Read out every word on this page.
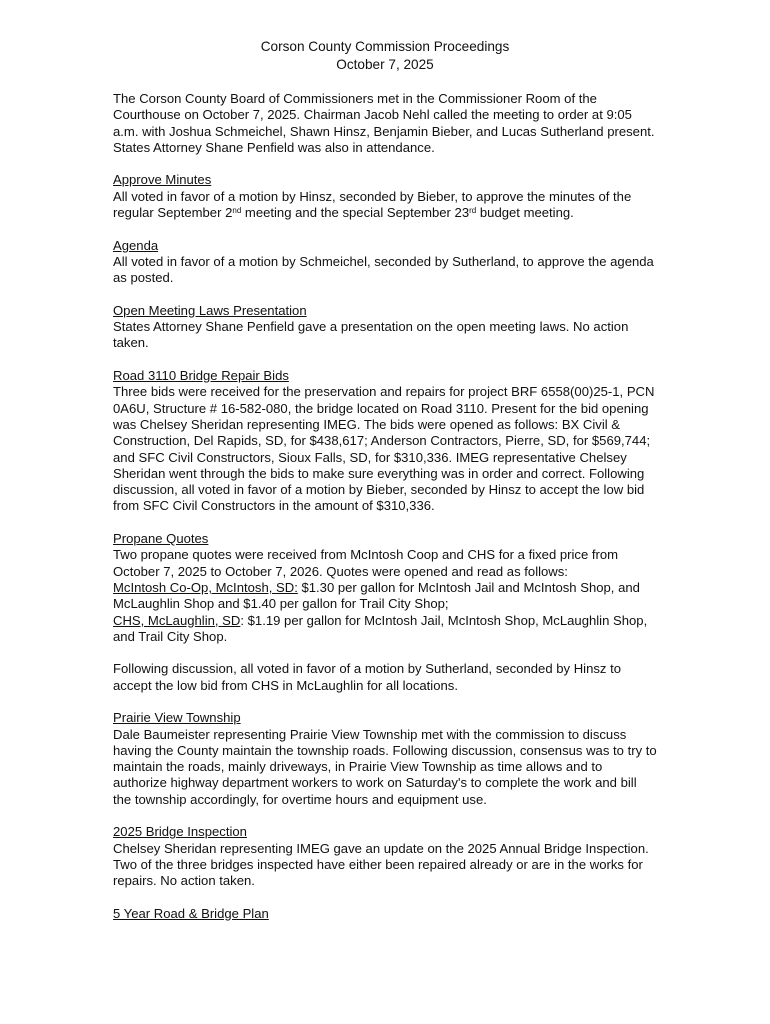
Corson County Commission Proceedings
October 7, 2025

The Corson County Board of Commissioners met in the Commissioner Room of the Courthouse on October 7, 2025. Chairman Jacob Nehl called the meeting to order at 9:05 a.m. with Joshua Schmeichel, Shawn Hinsz, Benjamin Bieber, and Lucas Sutherland present. States Attorney Shane Penfield was also in attendance.

Approve Minutes

All voted in favor of a motion by Hinsz, seconded by Bieber, to approve the minutes of the regular September 2nd meeting and the special September 23rd budget meeting.

Agenda

All voted in favor of a motion by Schmeichel, seconded by Sutherland, to approve the agenda as posted.

Open Meeting Laws Presentation

States Attorney Shane Penfield gave a presentation on the open meeting laws. No action taken.

Road 3110 Bridge Repair Bids

Three bids were received for the preservation and repairs for project BRF 6558(00)25-1, PCN 0A6U, Structure # 16-582-080, the bridge located on Road 3110. Present for the bid opening was Chelsey Sheridan representing IMEG. The bids were opened as follows: BX Civil & Construction, Del Rapids, SD, for $438,617; Anderson Contractors, Pierre, SD, for $569,744; and SFC Civil Constructors, Sioux Falls, SD, for $310,336. IMEG representative Chelsey Sheridan went through the bids to make sure everything was in order and correct. Following discussion, all voted in favor of a motion by Bieber, seconded by Hinsz to accept the low bid from SFC Civil Constructors in the amount of $310,336.

Propane Quotes

Two propane quotes were received from McIntosh Coop and CHS for a fixed price from October 7, 2025 to October 7, 2026. Quotes were opened and read as follows:

McIntosh Co-Op, McIntosh, SD: $1.30 per gallon for McIntosh Jail and McIntosh Shop, and McLaughlin Shop and $1.40 per gallon for Trail City Shop;

CHS, McLaughlin, SD: $1.19 per gallon for McIntosh Jail, McIntosh Shop, McLaughlin Shop, and Trail City Shop.

Following discussion, all voted in favor of a motion by Sutherland, seconded by Hinsz to accept the low bid from CHS in McLaughlin for all locations.

Prairie View Township

Dale Baumeister representing Prairie View Township met with the commission to discuss having the County maintain the township roads. Following discussion, consensus was to try to maintain the roads, mainly driveways, in Prairie View Township as time allows and to authorize highway department workers to work on Saturday's to complete the work and bill the township accordingly, for overtime hours and equipment use.

2025 Bridge Inspection

Chelsey Sheridan representing IMEG gave an update on the 2025 Annual Bridge Inspection. Two of the three bridges inspected have either been repaired already or are in the works for repairs. No action taken.

5 Year Road & Bridge Plan
